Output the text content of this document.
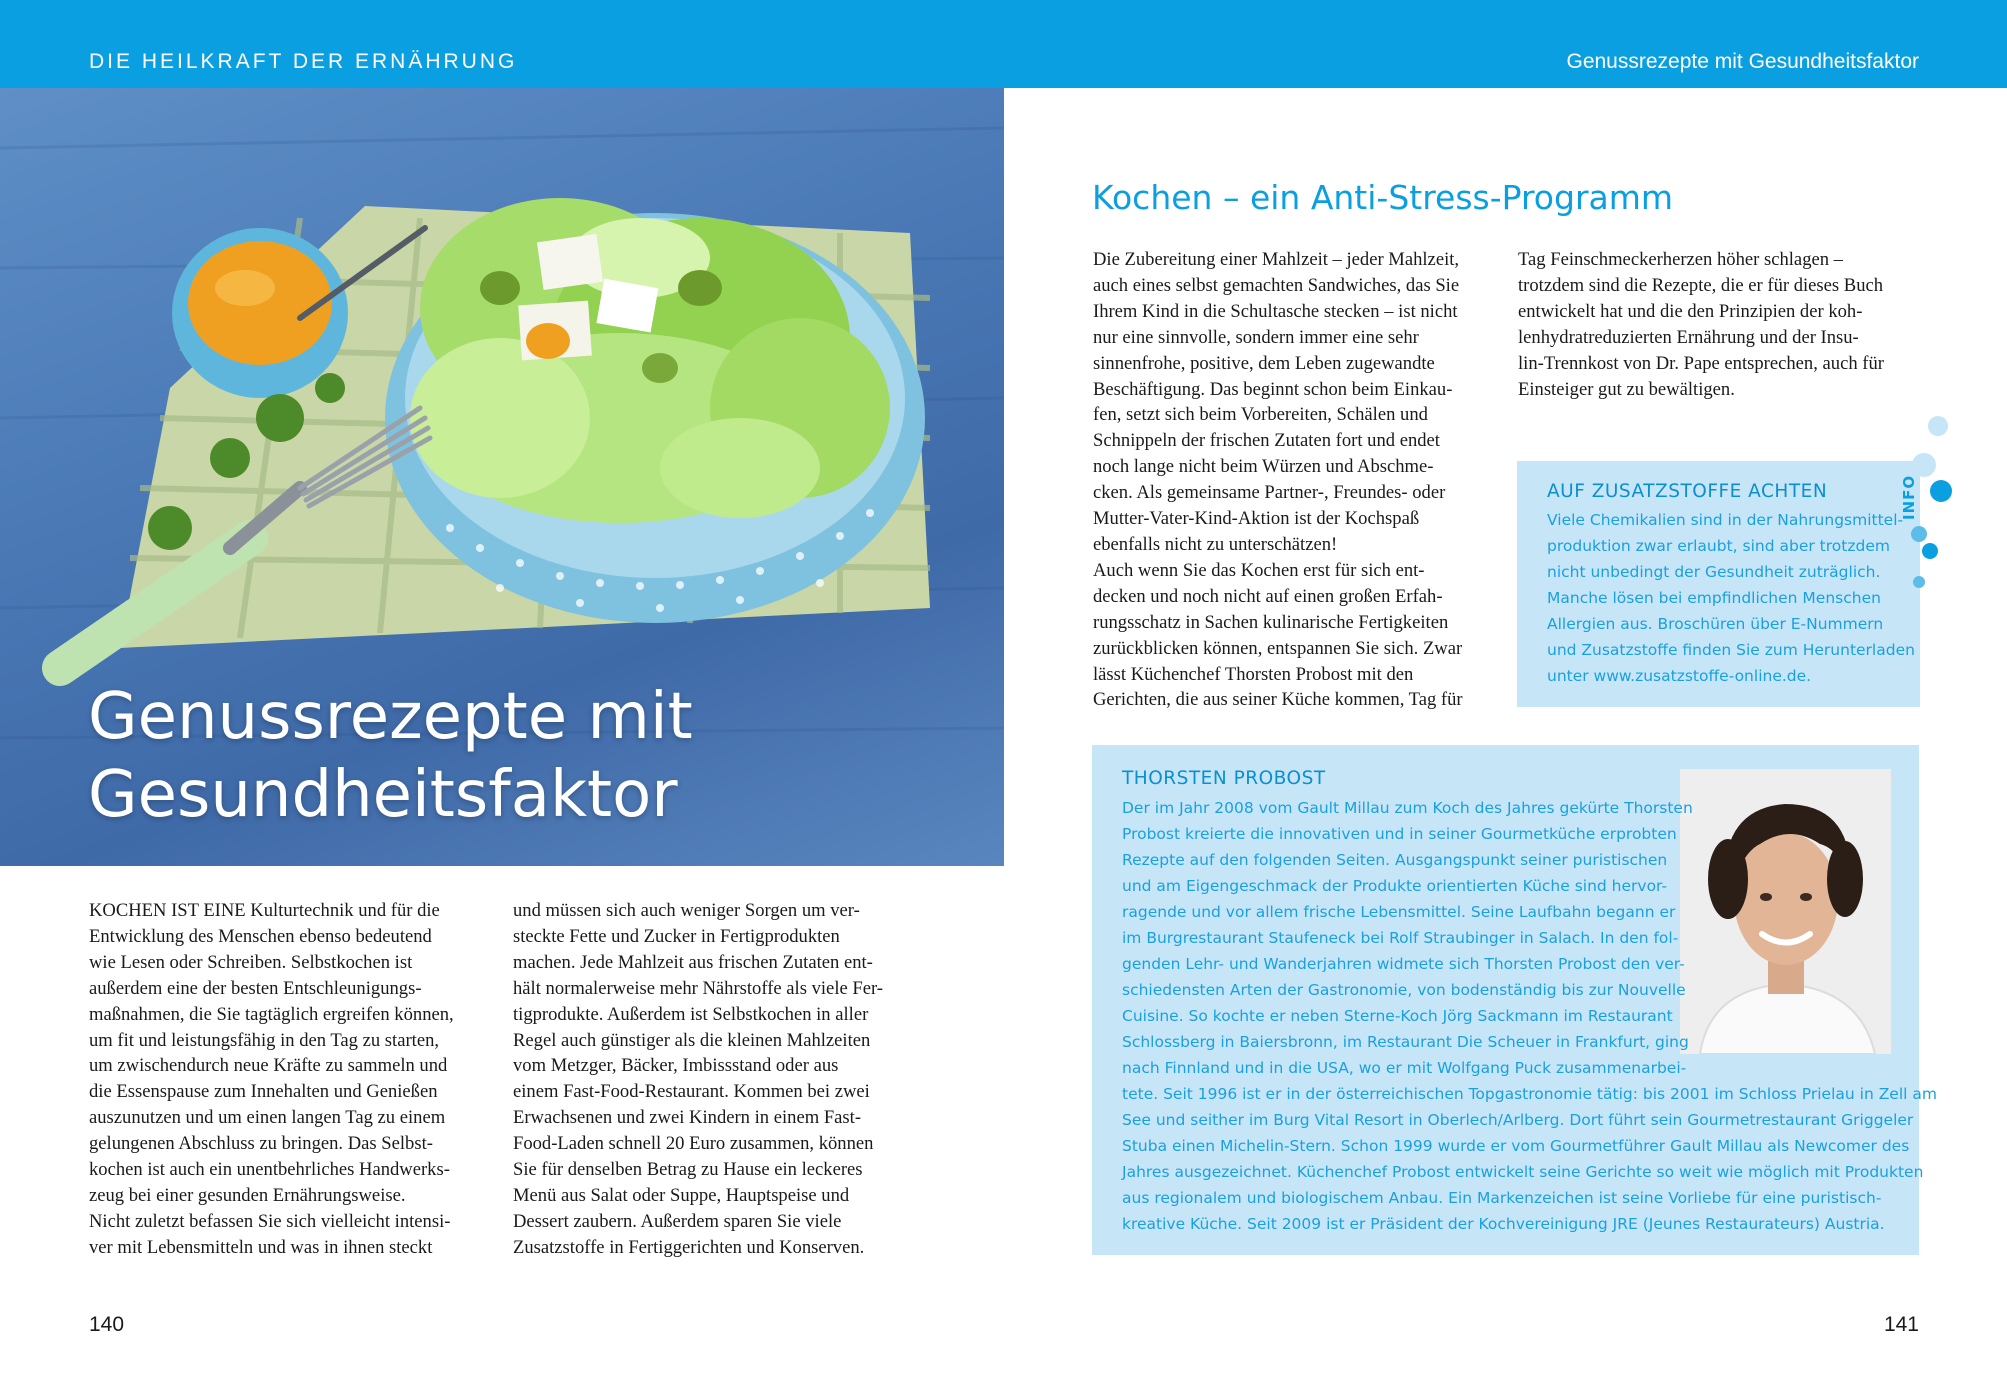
DIE HEILKRAFT DER ERNÄHRUNG	Genussrezepte mit Gesundheitsfaktor
Genussrezepte mit
Gesundheitsfaktor
KOCHEN IST EINE Kulturtechnik und für die
Entwicklung des Menschen ebenso bedeutend
wie Lesen oder Schreiben. Selbstkochen ist
außerdem eine der besten Entschleunigungs-
maßnahmen, die Sie tagtäglich ergreifen können,
um fit und leistungsfähig in den Tag zu starten,
um zwischendurch neue Kräfte zu sammeln und
die Essenspause zum Innehalten und Genießen
auszunutzen und um einen langen Tag zu einem
gelungenen Abschluss zu bringen. Das Selbst-
kochen ist auch ein unentbehrliches Handwerks-
zeug bei einer gesunden Ernährungsweise.
Nicht zuletzt befassen Sie sich vielleicht intensi-
ver mit Lebensmitteln und was in ihnen steckt
und müssen sich auch weniger Sorgen um ver-
steckte Fette und Zucker in Fertigprodukten
machen. Jede Mahlzeit aus frischen Zutaten ent-
hält normalerweise mehr Nährstoffe als viele Fer-
tigprodukte. Außerdem ist Selbstkochen in aller
Regel auch günstiger als die kleinen Mahlzeiten
vom Metzger, Bäcker, Imbissstand oder aus
einem Fast-Food-Restaurant. Kommen bei zwei
Erwachsenen und zwei Kindern in einem Fast-
Food-Laden schnell 20 Euro zusammen, können
Sie für denselben Betrag zu Hause ein leckeres
Menü aus Salat oder Suppe, Hauptspeise und
Dessert zaubern. Außerdem sparen Sie viele
Zusatzstoffe in Fertiggerichten und Konserven.
Kochen – ein Anti-Stress-Programm
Die Zubereitung einer Mahlzeit – jeder Mahlzeit,
auch eines selbst gemachten Sandwiches, das Sie
Ihrem Kind in die Schultasche stecken – ist nicht
nur eine sinnvolle, sondern immer eine sehr
sinnenfrohe, positive, dem Leben zugewandte
Beschäftigung. Das beginnt schon beim Einkau-
fen, setzt sich beim Vorbereiten, Schälen und
Schnippeln der frischen Zutaten fort und endet
noch lange nicht beim Würzen und Abschme-
cken. Als gemeinsame Partner-, Freundes- oder
Mutter-Vater-Kind-Aktion ist der Kochspaß
ebenfalls nicht zu unterschätzen!
Auch wenn Sie das Kochen erst für sich ent-
decken und noch nicht auf einen großen Erfah-
rungsschatz in Sachen kulinarische Fertigkeiten
zurückblicken können, entspannen Sie sich. Zwar
lässt Küchenchef Thorsten Probost mit den
Gerichten, die aus seiner Küche kommen, Tag für
Tag Feinschmeckerherzen höher schlagen –
trotzdem sind die Rezepte, die er für dieses Buch
entwickelt hat und die den Prinzipien der koh-
lenhydratreduzierten Ernährung und der Insu-
lin-Trennkost von Dr. Pape entsprechen, auch für
Einsteiger gut zu bewältigen.
AUF ZUSATZSTOFFE ACHTEN
Viele Chemikalien sind in der Nahrungsmittel-
produktion zwar erlaubt, sind aber trotzdem
nicht unbedingt der Gesundheit zuträglich.
Manche lösen bei empfindlichen Menschen
Allergien aus. Broschüren über E-Nummern
und Zusatzstoffe finden Sie zum Herunterladen
unter www.zusatzstoffe-online.de.
INFO
THORSTEN PROBOST
Der im Jahr 2008 vom Gault Millau zum Koch des Jahres gekürte Thorsten
Probost kreierte die innovativen und in seiner Gourmetküche erprobten
Rezepte auf den folgenden Seiten. Ausgangspunkt seiner puristischen
und am Eigengeschmack der Produkte orientierten Küche sind hervor-
ragende und vor allem frische Lebensmittel. Seine Laufbahn begann er
im Burgrestaurant Staufeneck bei Rolf Straubinger in Salach. In den fol-
genden Lehr- und Wanderjahren widmete sich Thorsten Probost den ver-
schiedensten Arten der Gastronomie, von bodenständig bis zur Nouvelle
Cuisine. So kochte er neben Sterne-Koch Jörg Sackmann im Restaurant
Schlossberg in Baiersbronn, im Restaurant Die Scheuer in Frankfurt, ging
nach Finnland und in die USA, wo er mit Wolfgang Puck zusammenarbei-
tete. Seit 1996 ist er in der österreichischen Topgastronomie tätig: bis 2001 im Schloss Prielau in Zell am
See und seither im Burg Vital Resort in Oberlech/Arlberg. Dort führt sein Gourmetrestaurant Griggeler
Stuba einen Michelin-Stern. Schon 1999 wurde er vom Gourmetführer Gault Millau als Newcomer des
Jahres ausgezeichnet. Küchenchef Probost entwickelt seine Gerichte so weit wie möglich mit Produkten
aus regionalem und biologischem Anbau. Ein Markenzeichen ist seine Vorliebe für eine puristisch-
kreative Küche. Seit 2009 ist er Präsident der Kochvereinigung JRE (Jeunes Restaurateurs) Austria.
140	141
